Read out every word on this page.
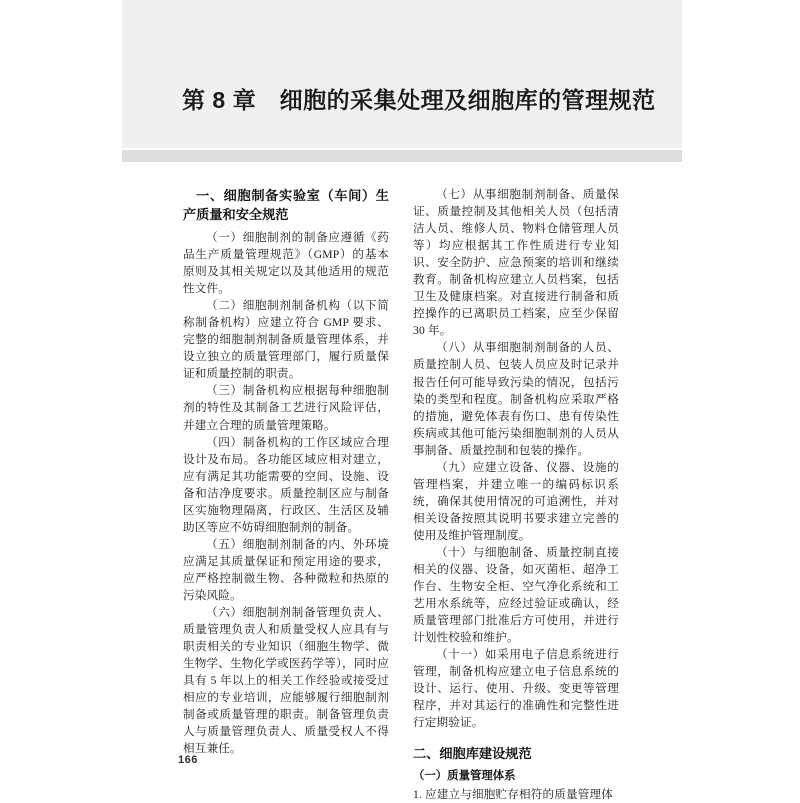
第 8 章　细胞的采集处理及细胞库的管理规范
一、细胞制备实验室（车间）生产质量和安全规范

（一）细胞制剂的制备应遵循《药品生产质量管理规范》（GMP）的基本原则及其相关规定以及其他适用的规范性文件。

（二）细胞制剂制备机构（以下简称制备机构）应建立符合 GMP 要求、完整的细胞制剂制备质量管理体系，并设立独立的质量管理部门，履行质量保证和质量控制的职责。

（三）制备机构应根据每种细胞制剂的特性及其制备工艺进行风险评估，并建立合理的质量管理策略。

（四）制备机构的工作区域应合理设计及布局。各功能区域应相对建立，应有满足其功能需要的空间、设施、设备和洁净度要求。质量控制区应与制备区实施物理隔离，行政区、生活区及辅助区等应不妨碍细胞制剂的制备。

（五）细胞制剂制备的内、外环境应满足其质量保证和预定用途的要求，应严格控制微生物、各种微粒和热原的污染风险。

（六）细胞制剂制备管理负责人、质量管理负责人和质量受权人应具有与职责相关的专业知识（细胞生物学、微生物学、生物化学或医药学等），同时应具有 5 年以上的相关工作经验或接受过相应的专业培训，应能够履行细胞制剂制备或质量管理的职责。制备管理负责人与质量管理负责人、质量受权人不得相互兼任。

（七）从事细胞制剂制备、质量保证、质量控制及其他相关人员（包括清洁人员、维修人员、物料仓储管理人员等）均应根据其工作性质进行专业知识、安全防护、应急预案的培训和继续教育。制备机构应建立人员档案，包括卫生及健康档案。对直接进行制备和质控操作的已离职员工档案，应至少保留 30 年。

（八）从事细胞制剂制备的人员、质量控制人员、包装人员应及时记录并报告任何可能导致污染的情况，包括污染的类型和程度。制备机构应采取严格的措施，避免体表有伤口、患有传染性疾病或其他可能污染细胞制剂的人员从事制备、质量控制和包装的操作。

（九）应建立设备、仪器、设施的管理档案，并建立唯一的编码标识系统，确保其使用情况的可追溯性，并对相关设备按照其说明书要求建立完善的使用及维护管理制度。

（十）与细胞制备、质量控制直接相关的仪器、设备，如灭菌柜、超净工作台、生物安全柜、空气净化系统和工艺用水系统等，应经过验证或确认，经质量管理部门批准后方可使用，并进行计划性校验和维护。

（十一）如采用电子信息系统进行管理，制备机构应建立电子信息系统的设计、运行、使用、升级、变更等管理程序，并对其运行的准确性和完整性进行定期验证。

二、细胞库建设规范
（一）质量管理体系

1. 应建立与细胞贮存相符的质量管理体

166
